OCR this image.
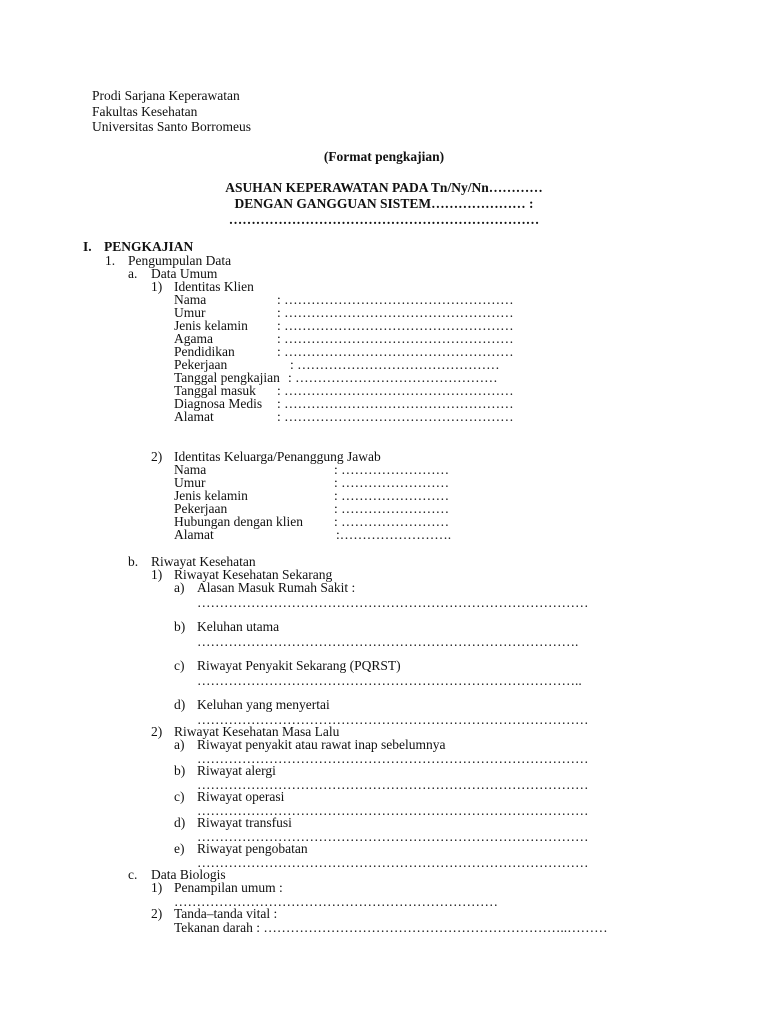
Prodi Sarjana Keperawatan
Fakultas Kesehatan
Universitas Santo Borromeus
(Format pengkajian)
ASUHAN KEPERAWATAN PADA Tn/Ny/Nn…………
DENGAN GANGGUAN SISTEM………………… :
……………………………………………………………
I. PENGKAJIAN
1. Pengumpulan Data
a. Data Umum
1) Identitas Klien
Nama	: ……………………………………………
Umur	: ……………………………………………
Jenis kelamin : ……………………………………………
Agama	: ……………………………………………
Pendidikan	: ……………………………………………
Pekerjaan	: ………………………………………
Tanggal pengkajian : ………………………………………
Tanggal masuk : ……………………………………………
Diagnosa Medis : ……………………………………………
Alamat	: ……………………………………………
2) Identitas Keluarga/Penanggung Jawab
Nama	: ……………………
Umur	: ……………………
Jenis kelamin	: ……………………
Pekerjaan	: ……………………
Hubungan dengan klien : ……………………
Alamat	:…………………….
b. Riwayat Kesehatan
1) Riwayat Kesehatan Sekarang
a) Alasan Masuk Rumah Sakit :
……………………………………………………………………………
b) Keluhan utama
………………………………………………………………………….
c) Riwayat Penyakit Sekarang (PQRST)
…………………………………………………………………………..
d) Keluhan yang menyertai
……………………………………………………………………………
2) Riwayat Kesehatan Masa Lalu
a) Riwayat penyakit atau rawat inap sebelumnya
……………………………………………………………………………
b) Riwayat alergi
……………………………………………………………………………
c) Riwayat operasi
……………………………………………………………………………
d) Riwayat transfusi
……………………………………………………………………………
e) Riwayat pengobatan
……………………………………………………………………………
c. Data Biologis
1) Penampilan umum :
………………………………………………………………
2) Tanda–tanda vital :
Tekanan darah : …………………………………………………………..………
